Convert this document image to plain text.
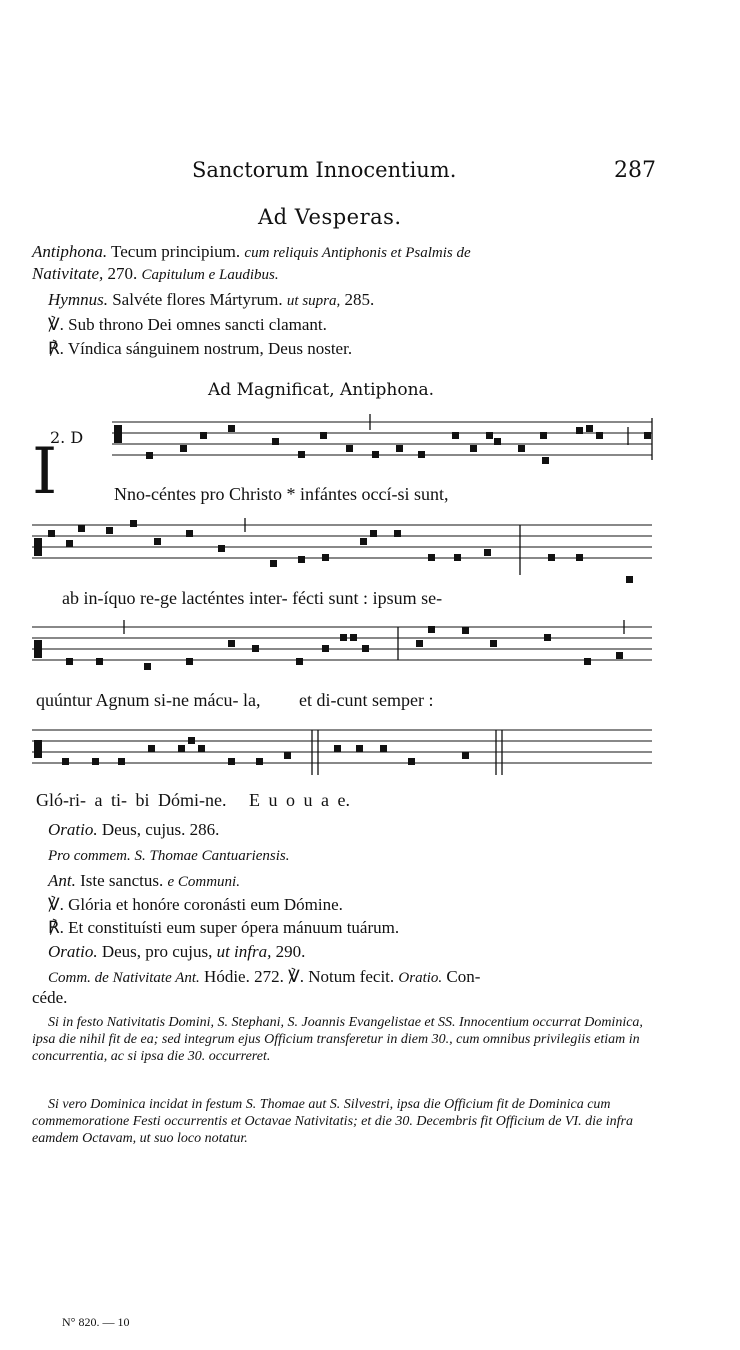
Sanctorum Innocentium.	287
Ad Vesperas.
Antiphona. Tecum principium. cum reliquis Antiphonis et Psalmis de
Nativitate, 270. Capitulum e Laudibus.
Hymnus. Salvéte flores Mártyrum. ut supra, 285.
℣. Sub throno Dei omnes sancti clamant.
℟. Víndica sánguinem nostrum, Deus noster.
Ad Magnificat, Antiphona.
2. D
I	Nno-céntes pro Christo * infántes occí-si sunt,
ab in-íquo re-ge lacténtes inter- fécti sunt : ipsum se-
quúntur Agnum si-ne mácu- la, et di-cunt semper :
Gló-ri- a ti- bi Dómi-ne. E u o u a e.
Oratio. Deus, cujus. 286.
Pro commem. S. Thomae Cantuariensis.
Ant. Iste sanctus. e Communi.
℣. Glória et honóre coronásti eum Dómine.
℟. Et constituísti eum super ópera mánuum tuárum.
Oratio. Deus, pro cujus, ut infra, 290.
Comm. de Nativitate Ant. Hódie. 272. ℣. Notum fecit. Oratio. Con-
céde.
Si in festo Nativitatis Domini, S. Stephani, S. Joannis Evangelistae et SS. Innocentium occurrat Dominica, ipsa die nihil fit de ea; sed integrum ejus Officium transferetur in diem 30., cum omnibus privilegiis etiam in concurrentia, ac si ipsa die 30. occurreret.
Si vero Dominica incidat in festum S. Thomae aut S. Silvestri, ipsa die Officium fit de Dominica cum commemoratione Festi occurrentis et Octavae Nativitatis; et die 30. Decembris fit Officium de VI. die infra eamdem Octavam, ut suo loco notatur.
N° 820. — 10
